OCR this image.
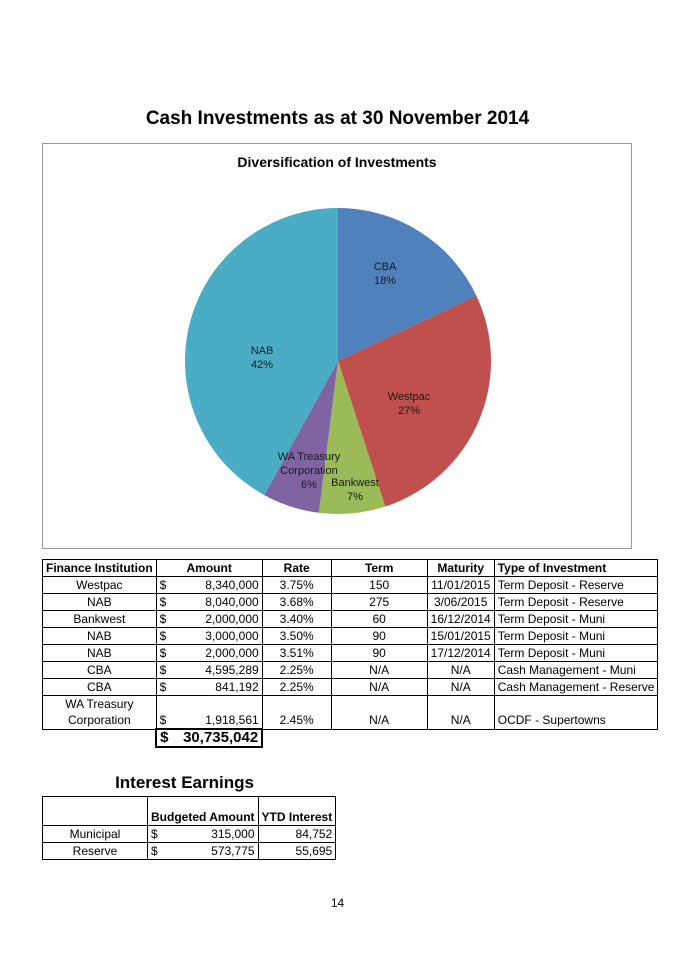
Cash Investments as at 30 November 2014
Diversification of Investments
CBA 18%
Westpac 27%
Bankwest 7%
WA Treasury Corporation 6%
NAB 42%
Finance Institution	Amount		Rate	Term	Maturity	Type of Investment
Westpac	$	8,340,000	3.75%	150	11/01/2015	Term Deposit - Reserve
NAB	$	8,040,000	3.68%	275	3/06/2015	Term Deposit - Reserve
Bankwest	$	2,000,000	3.40%	60	16/12/2014	Term Deposit - Muni
NAB	$	3,000,000	3.50%	90	15/01/2015	Term Deposit - Muni
NAB	$	2,000,000	3.51%	90	17/12/2014	Term Deposit - Muni
CBA	$	4,595,289	2.25%	N/A	N/A	Cash Management - Muni
CBA	$	841,192	2.25%	N/A	N/A	Cash Management - Reserve
WA Treasury						
Corporation	$	1,918,561	2.45%	N/A	N/A	OCDF - Supertowns

	$ 30,735,042					

Interest Earnings
	Budgeted Amount		YTD Interest
Municipal	$	315,000	84,752
Reserve	$	573,775	55,695
14
